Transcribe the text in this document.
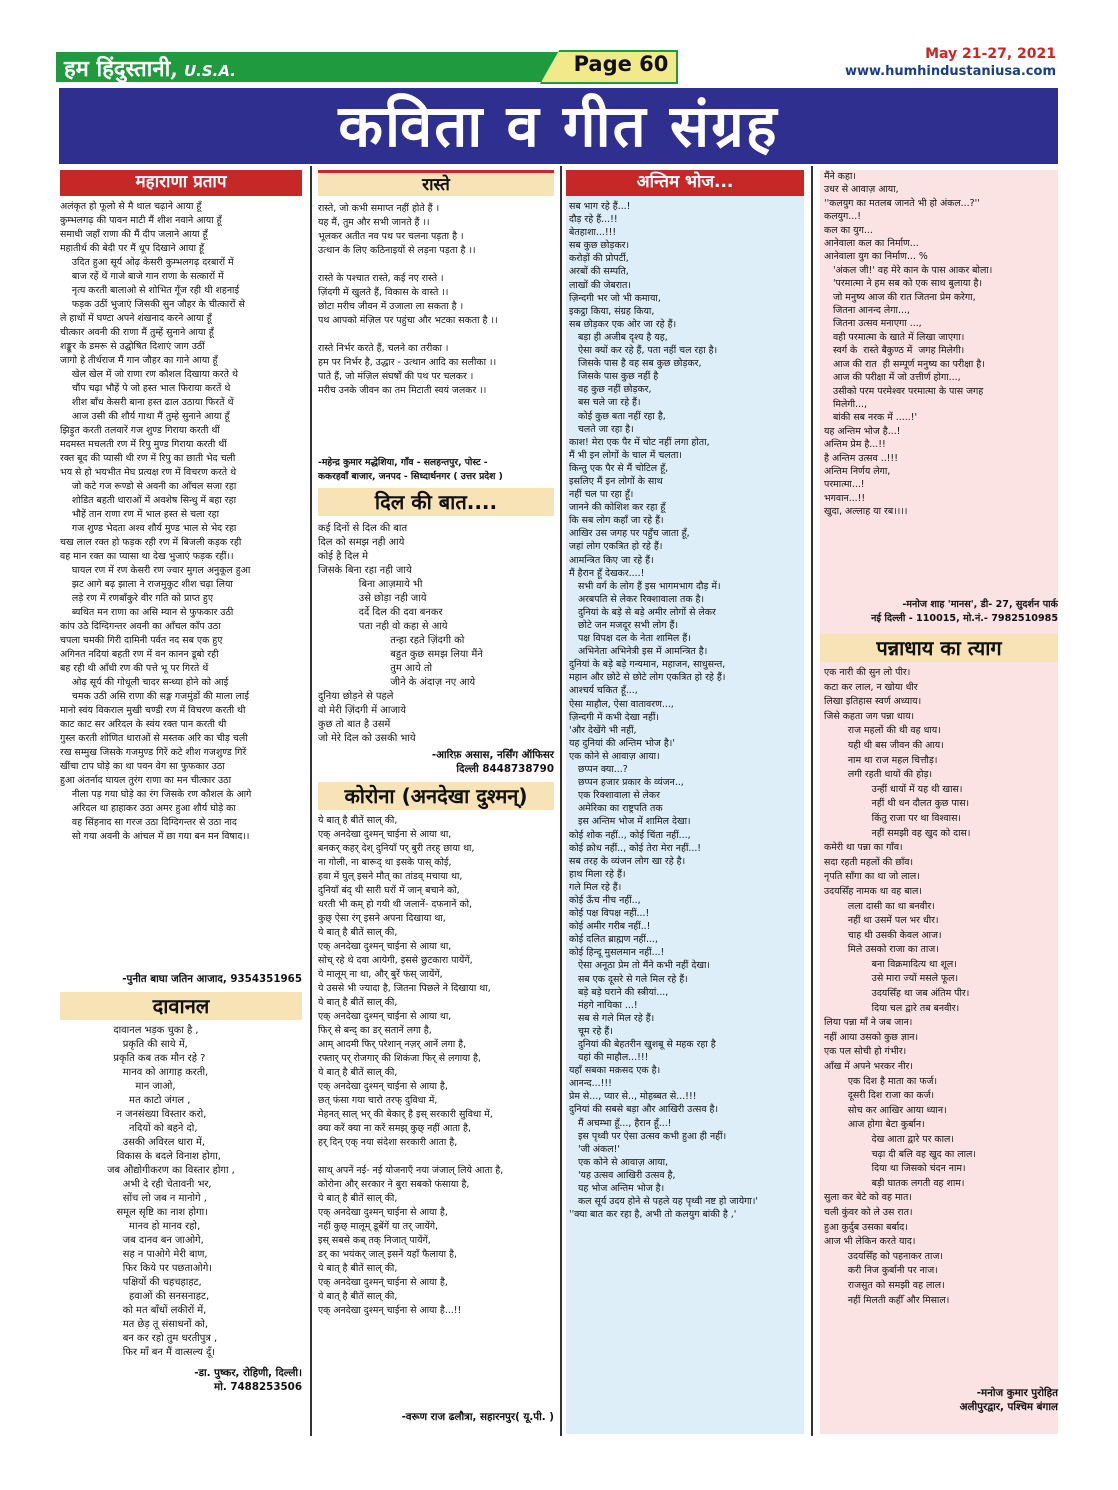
हम हिंदुस्तानी, U.S.A.	Page 60	May 21-27, 2021
www.humhindustaniusa.com
कविता व गीत संग्रह
महाराणा प्रताप
अलंकृत हो फूलो से मै थाल चढ़ाने आया हूँ
कुम्भलगढ़ की पावन माटी मैं शीश नवाने आया हूँ
समाधी जहाँ राणा की मैं दीप जलाने आया हूँ
महातीर्थ की बेदी पर मैं धूप दिखाने आया हूँ
उदित हुआ सूर्य ओढ़ केसरी कुम्भलगढ़ दरबारों में
बाज रहें थें गाजे बाजे गान राणा के सत्कारों में
नृत्य करती बालाओ से शोभित गूँज रही थी शहनाई
फड़क उठीं भुजाएं जिसकी सुन जौहर के चीत्कारों से
ले हाथों में घण्टा अपने शंखनाद करने आया हूँ
चीत्कार अवनी की राणा मैं तुम्हें सुनाने आया हूँ
शङ्कूर के डमरू से उद्घोषित दिशाएं जाग उठीं
जागो हे तीर्थराज मैं गान जौहर का गाने आया हूँ
खेल खेल में जो राणा रण कौशल दिखाया करते थे
चौंप चढ़ा भौहें पे जो हस्त भाल फिराया करतें थे
शीश बाँध केसरी बाना हस्त ढाल उठाया फिरतें थें
आज उसी की शौर्य गाथा मैं तुम्हे सुनाने आया हूँ
झिड़ुत करती तलवारें गज शुण्ड गिराया करती थीं
मदमस्त मचलती रण में रिपु मुण्ड गिराया करती थीं
रक्त बूद की प्यासी थी रण में रिपु का छाती भेद चली
भय से हो भयभीत मेघ प्रत्यक्ष रण में विचरण करते थे
जो कटे गज रूण्डो से अवनी का आँचल सजा रहा
शोडित बहती धाराओं में अवशेष सिन्धु में बहा रहा
भौहें तान राणा रण में भाल हस्त से चला रहा
गज शुण्ड भेदता अश्व शौर्य मुण्ड भाल से भेद रहा
चख लाल रक्त हो फड़क रही रण में बिजली कड़क रही
वह मान रक्त का प्यासा था देख भुजाएं फड़क रहीं।।
घायल रण में रण केसरी रण ज्वार मुगल अनुकूल हुआ
झट आगे बढ़ झाला ने राजमुकुट शीश चढ़ा लिया
लड़े रण में रणबाँकुरे वीर गति को प्राप्त हुए
ब्यथित मन राणा का असि म्यान से फुफकार उठी
कांप उठे दिग्दिगन्तर अवनी का आँचल काँप उठा
चपला चमकी गिरी दामिनी पर्वत नद सब एक हुए
अगिनत नदियां बहती रण में वन कानन डूबो रही
बह रही थी आँधी रण की पत्ते भू पर गिरते थें
ओढ़ सूर्य की गोधूली चादर सन्ध्या होने को आई
चमक उठी असि राणा की सङ्ग गजमुंडों की माला लाई
मानो स्वंय विकराल मुखी चण्डी रण में विचरण करती थी
काट काट सर अरिदल के स्वंय रक्त पान करती थी
गुस्ल करती शोणित धाराओं से मस्तक अरि का चीड़ चली
रख सम्मुख जिसके गजमुण्ड गिरें कटे शीश गजशुण्ड गिरें
खींचा टाप घोड़े का था पवन वेग सा फुफकार उठा
हुआ अंतर्नाद घायल तुरंग राणा का मन चीत्कार उठा
नीला पड़ गया घोड़े का रंग जिसके रण कौशल के आगे
अरिदल था हाहाकर उठा अमर हुआ शौर्य घोड़े का
वह सिंहनाद सा गरज उठा दिग्दिगन्तर से उठा नाद
सो गया अवनी के आंचल में छा गया बन मन विषाद।।
-पुनीत बाघा जतिन आजाद, 9354351965
दावानल
दावानल भड़क चुका है ,
प्रकृति की साये में,
प्रकृति कब तक मौन रहे ?
मानव को आगाह करती,
मान जाओ,
मत काटो जंगल ,
न जनसंख्या विस्तार करो,
नदियों को बहने दो,
उसकी अविरल धारा में,
विकास के बदले विनाश होगा,
जब औद्योगीकरण का विस्तार होगा ,
अभी दे रही चेतावनी भर,
सोंच लो जब न मानोगे ,
समूल सृष्टि का नाश होगा।
मानव हो मानव रहो,
जब दानव बन जाओगे,
सह न पाओगे मेरी बाण,
फिर किये पर पछताओगे।
पक्षियों की चहचहाहट,
हवाओं की सनसनाहट,
को मत बाँधों लकीरों में,
मत छेड़ तू संसाधनों को,
बन कर रहो तुम धरतीपुत्र ,
फिर माँ बन मैं वात्सल्य दूँ।
-डा. पुष्कर, रोहिणी, दिल्ली।
मो. 7488253506
रास्ते
रास्ते, जो कभी समाप्त नहीं होते हैं ।
यह मैं, तुम और सभी जानते हैं ।।
भूलकर अतीत नव पथ पर चलना पड़ता है ।
उत्थान के लिए कठिनाइयों से लड़ना पड़ता है ।।

रास्ते के पश्चात रास्ते, कई नए रास्ते ।
ज़िंदगी में खुलते हैं, विकास के वास्ते ।।
छोटा मरीच जीवन में उजाला ला सकता है ।
पथ आपको मंज़िल पर पहुंचा और भटका सकता है ।।

रास्ते निर्भर करते हैं, चलने का तरीका ।
हम पर निर्भर है, उद्धार - उत्थान आदि का सलीका ।।
पाते हैं, जो मंज़िल संघर्षों की पथ पर चलकर ।
मरीच उनके जीवन का तम मिटाती स्वयं जलकर ।।
-महेन्द्र कुमार मद्धेशिया, गाँव - सलहन्तपुर, पोस्ट -
ककरहवाँ बाजार, जनपद - सिध्दार्थनगर ( उत्तर प्रदेश )
दिल की बात....
कई दिनों से दिल की बात
दिल को समझ नही आये
कोई है दिल मे
जिसके बिना रहा नही जाये
बिना आज़माये भी
उसे छोड़ा नही जाये
दर्दे दिल की दवा बनकर
पता नही वो कहा से आये
तन्हा रहते ज़िंदगी को
बहुत कुछ समझ लिया मैंने
तुम आये तो
जीने के अंदाज़ नए आये
दुनिया छोड़ने से पहले
वो मेरी ज़िंदगी में आजाये
कुछ तो बात है उसमें
जो मेरे दिल को उसकी भाये
-आरिफ़ असास, नर्सिंग ऑफिसर
दिल्ली 8448738790
कोरोना (अनदेखा दुश्मन्)
ये बात् है बीतें साल् की,
एक् अनदेखा दुश्मन् चाईना से आया था,
बनकर् कहर् देश् दुनियाँ पर् बुरी तरह् छाया था,
ना गोली, ना बारूद् था इसके पास् कोई,
हवा में घुल् इसने मौत् का तांडव् मचाया था,
दुनियाँ बंद् थी सारी घरों में जान् बचाने को,
धरती भी कम् हो गयी थी जलानें- दफनानें को,
कुछ् ऐसा रंग् इसने अपना दिखाया था,
ये बात् है बीतें साल् की,
एक् अनदेखा दुश्मन् चाईना से आया था,
सोच् रहे थे दवा आयेगी, इससे छुटकारा पायेंगें,
ये मालूम् ना था, और् बुरें फंस् जायेंगें,
ये उससे भी ज्यादा है, जितना पिछले ने दिखाया था,
ये बात् है बीतें साल् की,
एक् अनदेखा दुश्मन् चाईना से आया था,
फिर् से बन्द् का डर् सतानें लगा है,
आम् आदमी फिर् परेशान् नज़र् आनें लगा है,
रफ्तार् पर् रोजगार् की शिकंजा फिर् से लगाया है,
ये बात् है बीतें साल् की,
एक् अनदेखा दुश्मन् चाईना से आया है,
छत् फंसा गया चारो तरफ् दुविधा में,
मेहनत् साल् भर् की बेकार् है इस् सरकारी सुविधा में,
क्या करें क्या ना करें समझ् कुछ् नहीं आता है,
हर् दिन् एक् नया संदेशा सरकारी आता है,

साथ् अपनें नई- नई योजनाएँ नया जंजाल् लिये आता है,
कोरोना और् सरकार ने बुरा सबको फंसाया है,
ये बात् है बीतें साल् की,
एक् अनदेखा दुश्मन् चाईना से आया है,
नहीं कुछ् मालूम् डूबेंगें या तर् जायेंगे,
इस् सबसे कब् तक् निजात् पायेंगें,
डर् का भयंकर् जाल् इसनें यहाँ फैलाया है,
ये बात् है बीतें साल् की,
एक् अनदेखा दुश्मन् चाईना से आया है,
ये बात् है बीतें साल् की,
एक् अनदेखा दुश्मन् चाईना से आया है...!!
-वरूण राज ढलौत्रा, सहारनपुर( यू.पी. )
अन्तिम भोज...
सब भाग रहे हैं...!
दौड़ रहे हैं...!!
बेतहाशा...!!!
सब कुछ छोड़कर।
करोड़ों की प्रोपर्टी,
अरबों की सम्पति,
लाखों की जेबरात।
ज़िन्दगी भर जो भी कमाया,
इकट्ठा किया, संग्रह किया,
सब छोड़कर एक ओर जा रहे हैं।
बड़ा ही अजीब दृश्य है यह,
ऐसा क्यों कर रहे हैं, पता नहीं चल रहा है।
जिसके पास है वह सब कुछ छोड़कर,
जिसके पास कुछ नहीं है
वह कुछ नहीं छोड़कर,
बस चले जा रहे हैं।
कोई कुछ बता नहीं रहा है,
चलते जा रहा है।
काश! मेरा एक पैर में चोट नहीं लगा होता,
मैं भी इन लोगों के चाल में चलता।
किन्तु एक पैर से मैं चोटिल हूँ,
इसलिए मैं इन लोगों के साथ
नहीं चल पा रहा हूँ।
जानने की कोशिश कर रहा हूँ
कि सब लोग कहाँ जा रहे हैं।
आखिर उस जगह पर पहुँच जाता हूँ,
जहां लोग एकत्रित हो रहे हैं।
आमन्त्रित किए जा रहे हैं।
मैं हैरान हूँ देखकर....!
सभी वर्ग के लोग हैं इस भागमभाग दौड़ में।
अरबपति से लेकर रिक्शावाला तक है।
दुनियां के बड़े से बड़े अमीर लोगों से लेकर
छोटे जन मजदूर सभी लोग हैं।
पक्ष विपक्ष दल के नेता शामिल हैं।
अभिनेता अभिनेत्री इस में आमन्त्रित है।
दुनियां के बड़े बड़े गन्यमान, महाजन, साधुसन्त,
महान और छोटे से छोटे लोग एकत्रित हो रहे हैं।
आश्चर्य चकित हूँ...,
ऐसा माहौल, ऐसा वातावरण...,
ज़िन्दगी में कभी देखा नहीं।
'और देखेंगे भी नहीं,
यह दुनियां की अन्तिम भोज है।'
एक कोने से आवाज़ आया।
छप्पन क्या...?
छप्पन हजार प्रकार के व्यंजन..,
एक रिक्शावाला से लेकर
अमेरिका का राष्ट्रपति तक
इस अन्तिम भोज में शामिल देखा।
कोई शोक नहीं.., कोई चिंता नहीं...,
कोई क्रोध नहीं.., कोई तेरा मेरा नहीं...!
सब तरह के व्यंजन लोग खा रहे है।
हाथ मिला रहे हैं।
गले मिल रहे हैं।
कोई ऊँच नीच नहीं..,
कोई पक्ष विपक्ष नहीं...!
कोई अमीर गरीब नहीं..!
कोई दलित ब्राह्मण नहीं...,
कोई हिन्दू मुसलमान नहीं...!
ऐसा अनूठा प्रेम तो मैंने कभी नहीं देखा।
सब एक दूसरे से गले मिल रहे हैं।
बड़े बड़े घराने की स्त्रीयां...,
मंहगे नायिका ...!
सब से गले मिल रहे हैं।
चूम रहे हैं।
दुनियां की बेहतरीन खुशबू से महक रहा है
यहां की माहौल...!!!
यहाँ सबका मक़सद एक है।
आनन्द...!!!
प्रेम से..., प्यार से.., मोहब्बत से...!!!
दुनियां की सबसे बड़ा और आखिरी उत्सव है।
मैं अचम्भा हूँ..., हैरान हूँ...!
इस पृथ्वी पर ऐसा उत्सव कभी हुआ ही नहीं।
'जी अंकल!'
एक कोने से आवाज़ आया,
'यह उत्सव आखिरी उत्सव है,
यह भोज अन्तिम भोज है।
कल सूर्य उदय होने से पहले यह पृथ्वी नष्ट हो जायेगा।'
''क्या बात कर रहा है, अभी तो कलयुग बांकी है ,'
मैंने कहा।
उधर से आवाज़ आया,
''कलयुग का मतलब जानते भी हो अंकल...?''
कलयुग...!
कल का युग...
आनेवाला कल का निर्माण...
आनेवाला युग का निर्माण... %
'अंकल जी!' वह मेरे कान के पास आकर बोला।
'परमात्मा ने हम सब को एक साथ बुलाया है।
जो मनुष्य आज की रात जितना प्रेम करेगा,
जितना आनन्द लेगा...,
जितना उत्सव मनाएगा ...,
वही परमात्मा के खाते में लिखा जाएगा।
स्वर्ग के  रास्ते बैकुण्ठ में  जगह मिलेगी।
आज की रात  ही सम्पूर्ण मनुष्य का परीक्षा है।
आज की परीक्षा में जो उत्तीर्ण होगा...,
उसीको परम परमेश्वर परमात्मा के पास जगह
मिलेगी...,
बांकी सब नरक में .....!'
यह अन्तिम भोज है...!
अन्तिम प्रेम है...!!
है अन्तिम उत्सव ..!!!
अन्तिम निर्णय लेगा,
परमात्मा...!
भगवान...!!
खुदा, अल्लाह या रब।।।।
-मनोज शाह 'मानस', डी- 27, सुदर्शन पार्क
नई दिल्ली - 110015, मो.नं.- 7982510985
पन्नाधाय का त्याग
एक नारी की सुन लो पीर।
कटा कर लाल, न खोया धीर
लिखा इतिहास स्वर्ण अध्याय।
जिसे कहता जग पन्ना धाय।
राज महलों की थी वह धाय।
यही थी बस जीवन की आय।
नाम था राज महल चित्तौड़।
लगी रहती धायों की होड़।
उन्हीं धायों में यह थी खास।
नहीं थी धन दौलत कुछ पास।
किंतु राजा पर था विश्वास।
नहीं समझी वह खुद को दास।
कमेरी था पन्ना का गाँव।
सदा रहती महलों की छाँव।
नृपति साँगा का था जो लाल।
उदयसिँह नामक था वह बाल।
लला दासी का था बनवीर।
नहीं था उसमें पल भर धीर।
चाह थी उसकी केवल आज।
मिले उसको राजा का ताज।
बना विक्रमादित्य था शूल।
उसे मारा ज्यों मसले फूल।
उदयसिँह था जब अंतिम पीर।
दिया चल द्वारे तब बनवीर।
लिया पन्ना माँ ने जब जान।
नहीं आया उसको कुछ ज्ञान।
एक पल सोची हो गंभीर।
आँख में अपने भरकर नीर।
एक दिश है माता का फर्ज।
दूसरी दिश राजा का कर्ज।
सोच कर आखिर आया ध्यान।
आज होगा बेटा कुर्बान।
देख आता द्वारे पर काल।
चढ़ा दी बलि वह खुद का लाल।
दिया था जिसको चंदन नाम।
बड़ी घातक लगती वह शाम।
सुला कर बेटे को वह मात।
चली कुंवर को ले उस रात।
हुआ कुर्दुब उसका बर्बाद।
आज भी लेकिन करते याद।
उदयसिँह को पहनाकर ताज।
करी निज कुर्बानी पर नाज।
राजसुत को समझी वह लाल।
नहीं मिलती कहीँ और मिसाल।
-मनोज कुमार पुरोहित
अलीपुरद्वार, पश्चिम बंगाल
